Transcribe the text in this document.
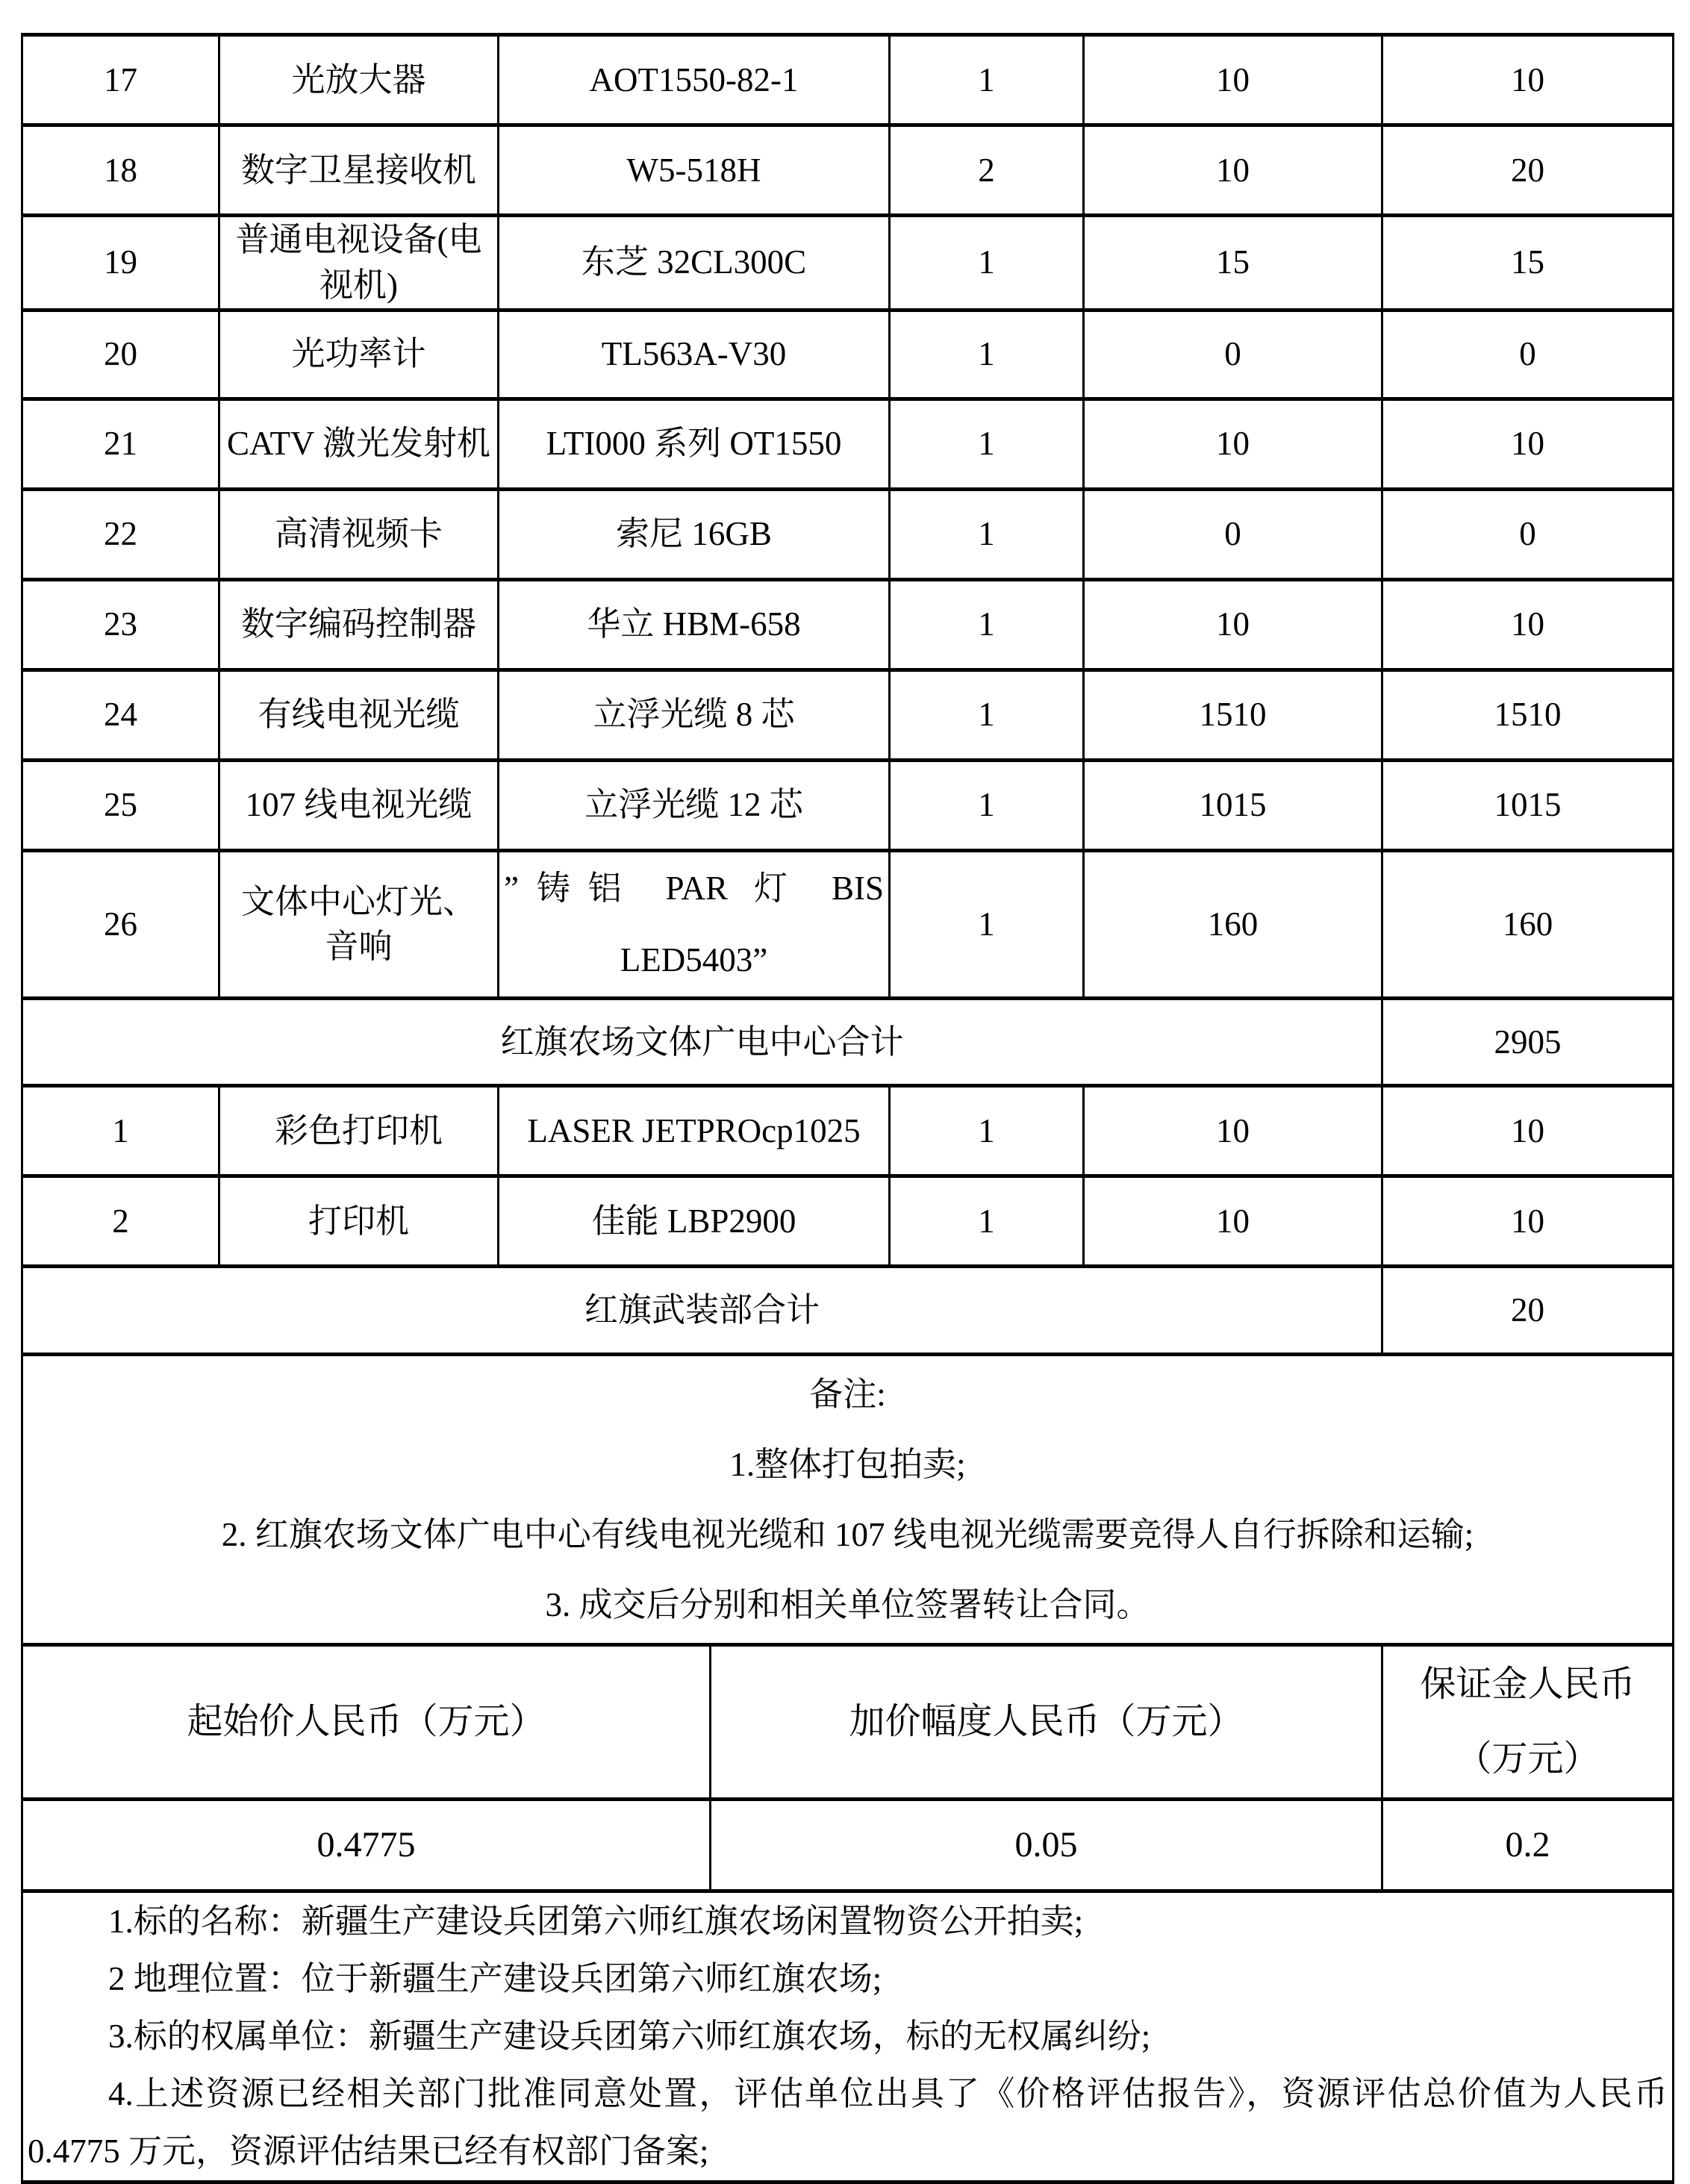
17	光放大器	AOT1550-82-1		1	10	10
18	数字卫星接收机	W5-518H		2	10	20
19	普通电视设备(电视机)	东芝 32CL300C		1	15	15
20	光功率计	TL563A-V30		1	0	0
21	CATV 激光发射机	LTI000 系列 OT1550		1	10	10
22	高清视频卡	索尼 16GB		1	0	0
23	数字编码控制器	华立 HBM-658		1	10	10
24	有线电视光缆	立浮光缆 8 芯		1	1510	1510
25	107 线电视光缆	立浮光缆 12 芯		1	1015	1015
26	文体中心灯光、音响	”铸铝 PAR 灯 BIS LED5403”		1	160	160
红旗农场文体广电中心合计						2905
1	彩色打印机	LASER JETPROcp1025		1	10	10
2	打印机	佳能 LBP2900		1	10	10
红旗武装部合计						20

备注:
1.整体打包拍卖;
2. 红旗农场文体广电中心有线电视光缆和 107 线电视光缆需要竞得人自行拆除和运输;
3. 成交后分别和相关单位签署转让合同。						

起始价人民币（万元）			加价幅度人民币（万元）			保证金人民币（万元）
0.4775			0.05			0.2

1.标的名称：新疆生产建设兵团第六师红旗农场闲置物资公开拍卖;

2 地理位置：位于新疆生产建设兵团第六师红旗农场;

3.标的权属单位：新疆生产建设兵团第六师红旗农场，标的无权属纠纷;

4.上述资源已经相关部门批准同意处置，评估单位出具了《价格评估报告》，资源评估总价值为人民币 0.4775 万元，资源评估结果已经有权部门备案;						
